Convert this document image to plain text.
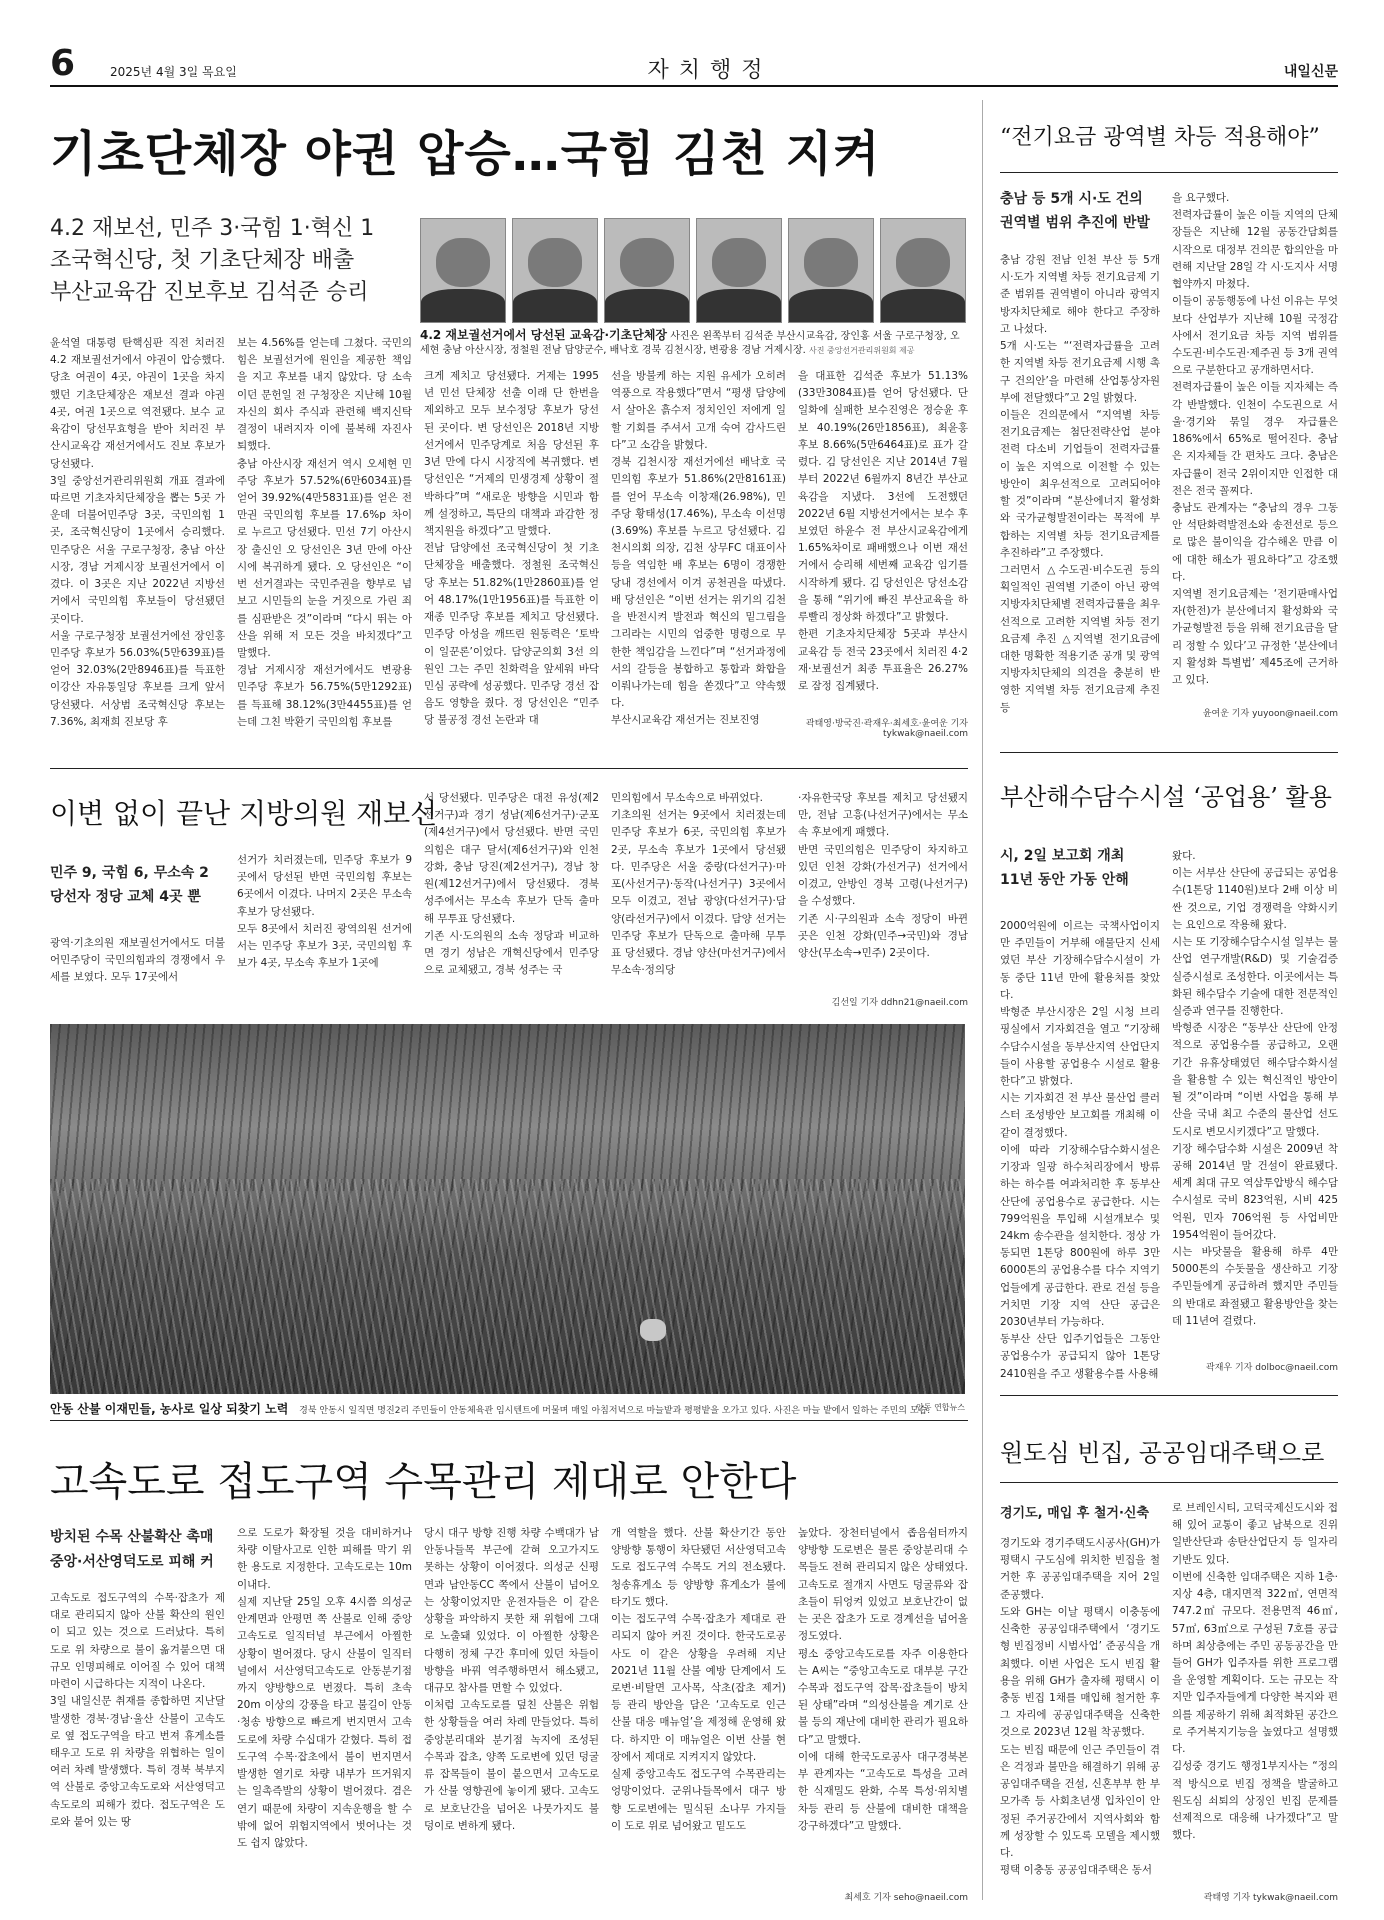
6	2025년 4월 3일 목요일	자치행정	내일신문
기초단체장 야권 압승…국힘 김천 지켜
4.2 재보선, 민주 3·국힘 1·혁신 1
조국혁신당, 첫 기초단체장 배출
부산교육감 진보후보 김석준 승리
4.2 재보궐선거에서 당선된 교육감·기초단체장 사진은 왼쪽부터 김석준 부산시교육감, 장인홍 서울 구로구청장, 오세현 충남 아산시장, 정철원 전남 담양군수, 배낙호 경북 김천시장, 변광용 경남 거제시장. 사진 중앙선거관리위원회 제공
윤석열 대통령 탄핵심판 직전 치러진 4.2 재보궐선거에서 야권이 압승했다. 당초 여권이 4곳, 야권이 1곳을 차지했던 기초단체장은 재보선 결과 야권 4곳, 여권 1곳으로 역전됐다. 보수 교육감이 당선무효형을 받아 치러진 부산시교육감 재선거에서도 진보 후보가 당선됐다.
3일 중앙선거관리위원회 개표 결과에 따르면 기초자치단체장을 뽑는 5곳 가운데 더불어민주당 3곳, 국민의힘 1곳, 조국혁신당이 1곳에서 승리했다. 민주당은 서울 구로구청장, 충남 아산시장, 경남 거제시장 보궐선거에서 이겼다. 이 3곳은 지난 2022년 지방선거에서 국민의힘 후보들이 당선됐던 곳이다.
서울 구로구청장 보궐선거에선 장인홍 민주당 후보가 56.03%(5만639표)를 얻어 32.03%(2만8946표)를 득표한 이강산 자유통일당 후보를 크게 앞서 당선됐다. 서상범 조국혁신당 후보는 7.36%, 최재희 진보당 후
보는 4.56%를 얻는데 그쳤다. 국민의힘은 보궐선거에 원인을 제공한 책임을 지고 후보를 내지 않았다. 당 소속이던 문헌일 전 구청장은 지난해 10월 자신의 회사 주식과 관련해 백지신탁 결정이 내려지자 이에 불복해 자진사퇴했다.
충남 아산시장 재선거 역시 오세현 민주당 후보가 57.52%(6만6034표)를 얻어 39.92%(4만5831표)를 얻은 전만권 국민의힘 후보를 17.6%p 차이로 누르고 당선됐다. 민선 7기 아산시장 출신인 오 당선인은 3년 만에 아산시에 복귀하게 됐다. 오 당선인은 “이번 선거결과는 국민주권을 향부로 넘보고 시민들의 눈을 거짓으로 가린 죄를 심판받은 것”이라며 “다시 뛰는 아산을 위해 저 모든 것을 바치겠다”고 말했다.
경남 거제시장 재선거에서도 변광용 민주당 후보가 56.75%(5만1292표)를 득표해 38.12%(3만4455표)를 얻는데 그친 박환기 국민의힘 후보를
크게 제치고 당선됐다. 거제는 1995년 민선 단체장 선출 이래 단 한번을 제외하고 모두 보수정당 후보가 당선된 곳이다. 변 당선인은 2018년 지방선거에서 민주당계로 처음 당선된 후 3년 만에 다시 시장직에 복귀했다. 변 당선인은 “거제의 민생경제 상황이 절박하다”며 “새로운 방향을 시민과 함께 설정하고, 특단의 대책과 과감한 정책지원을 하겠다”고 말했다.
전남 담양에선 조국혁신당이 첫 기초단체장을 배출했다. 정철원 조국혁신당 후보는 51.82%(1만2860표)를 얻어 48.17%(1만1956표)를 득표한 이재종 민주당 후보를 제치고 당선됐다. 민주당 아성을 깨뜨린 원동력은 ‘토박이 일꾼론’이었다. 담양군의회 3선 의원인 그는 주민 친화력을 앞세워 바닥 민심 공략에 성공했다. 민주당 경선 잡음도 영향을 줬다. 정 당선인은 “민주당 불공정 경선 논란과 대
선을 방불케 하는 지원 유세가 오히려 역풍으로 작용했다”면서 “평생 담양에서 살아온 흙수저 정치인인 저에게 일할 기회를 주셔서 고개 숙여 감사드린다”고 소감을 밝혔다.
경북 김천시장 재선거에선 배낙호 국민의힘 후보가 51.86%(2만8161표)를 얻어 무소속 이창재(26.98%), 민주당 황태성(17.46%), 무소속 이선명(3.69%) 후보를 누르고 당선됐다. 김천시의회 의장, 김천 상무FC 대표이사 등을 역임한 배 후보는 6명이 경쟁한 당내 경선에서 이겨 공천권을 따냈다. 배 당선인은 “이번 선거는 위기의 김천을 반전시켜 발전과 혁신의 밑그림을 그리라는 시민의 엄중한 명령으로 무한한 책임감을 느낀다”며 “선거과정에서의 갈등을 봉합하고 통합과 화합을 이뤄나가는데 힘을 쏟겠다”고 약속했다.
부산시교육감 재선거는 진보진영
을 대표한 김석준 후보가 51.13%(33만3084표)를 얻어 당선됐다. 단일화에 실패한 보수진영은 정승윤 후보 40.19%(26만1856표), 최윤홍 후보 8.66%(5만6464표)로 표가 갈렸다. 김 당선인은 지난 2014년 7월부터 2022년 6월까지 8년간 부산교육감을 지냈다. 3선에 도전했던 2022년 6월 지방선거에서는 보수 후보였던 하윤수 전 부산시교육감에게 1.65%차이로 패배했으나 이번 재선거에서 승리해 세번째 교육감 임기를 시작하게 됐다. 김 당선인은 당선소감을 통해 “위기에 빠진 부산교육을 하루빨리 정상화 하겠다”고 밝혔다.
한편 기초자치단체장 5곳과 부산시 교육감 등 전국 23곳에서 치러진 4·2 재·보궐선거 최종 투표율은 26.27%로 잠정 집계됐다.
곽태영·방국진·곽재우·최세호·윤여운 기자
tykwak@naeil.com
“전기요금 광역별 차등 적용해야”
충남 등 5개 시·도 건의
권역별 범위 추진에 반발
충남 강원 전남 인천 부산 등 5개 시·도가 지역별 차등 전기요금제 기준 범위를 권역별이 아니라 광역지방자치단체로 해야 한다고 주장하고 나섰다.
5개 시·도는 “‘전력자급률을 고려한 지역별 차등 전기요금제 시행 촉구 건의안’을 마련해 산업통상자원부에 전달했다”고 2일 밝혔다.
이들은 건의문에서 “지역별 차등 전기요금제는 첨단전략산업 분야 전력 다소비 기업들이 전력자급률이 높은 지역으로 이전할 수 있는 방안이 최우선적으로 고려되어야 할 것”이라며 “분산에너지 활성화와 국가균형발전이라는 목적에 부합하는 지역별 차등 전기요금제를 추진하라”고 주장했다.
그러면서 △수도권·비수도권 등의 획일적인 권역별 기준이 아닌 광역지방자치단체별 전력자급률을 최우선적으로 고려한 지역별 차등 전기요금제 추진 △지역별 전기요금에 대한 명확한 적용기준 공개 및 광역지방자치단체의 의견을 충분히 반영한 지역별 차등 전기요금제 추진 등
을 요구했다.
전력자급률이 높은 이들 지역의 단체장들은 지난해 12월 공동간담회를 시작으로 대정부 건의문 합의안을 마련해 지난달 28일 각 시·도지사 서명협약까지 마쳤다.
이들이 공동행동에 나선 이유는 무엇보다 산업부가 지난해 10월 국정감사에서 전기요금 차등 지역 범위를 수도권·비수도권·제주권 등 3개 권역으로 구분한다고 공개하면서다.
전력자급률이 높은 이들 지자체는 즉각 반발했다. 인천이 수도권으로 서울·경기와 묶일 경우 자급률은 186%에서 65%로 떨어진다. 충남은 지자체들 간 편차도 크다. 충남은 자급률이 전국 2위이지만 인접한 대전은 전국 꼴찌다.
충남도 관계자는 “충남의 경우 그동안 석탄화력발전소와 송전선로 등으로 많은 불이익을 감수해온 만큼 이에 대한 해소가 필요하다”고 강조했다.
지역별 전기요금제는 ‘전기판매사업자(한전)가 분산에너지 활성화와 국가균형발전 등을 위해 전기요금을 달리 정할 수 있다’고 규정한 ‘분산에너지 활성화 특별법’ 제45조에 근거하고 있다.
윤여운 기자 yuyoon@naeil.com
이변 없이 끝난 지방의원 재보선
민주 9, 국힘 6, 무소속 2
당선자 정당 교체 4곳 뿐
광역·기초의원 재보궐선거에서도 더불어민주당이 국민의힘과의 경쟁에서 우세를 보였다. 모두 17곳에서
선거가 치러졌는데, 민주당 후보가 9곳에서 당선된 반면 국민의힘 후보는 6곳에서 이겼다. 나머지 2곳은 무소속 후보가 당선됐다.
모두 8곳에서 치러진 광역의원 선거에서는 민주당 후보가 3곳, 국민의힘 후보가 4곳, 무소속 후보가 1곳에
서 당선됐다. 민주당은 대전 유성(제2선거구)과 경기 성남(제6선거구)·군포(제4선거구)에서 당선됐다. 반면 국민의힘은 대구 달서(제6선거구)와 인천 강화, 충남 당진(제2선거구), 경남 창원(제12선거구)에서 당선됐다. 경북 성주에서는 무소속 후보가 단독 출마해 무투표 당선됐다.
기존 시·도의원의 소속 정당과 비교하면 경기 성남은 개혁신당에서 민주당으로 교체됐고, 경북 성주는 국
민의힘에서 무소속으로 바뀌었다.
기초의원 선거는 9곳에서 치러졌는데 민주당 후보가 6곳, 국민의힘 후보가 2곳, 무소속 후보가 1곳에서 당선됐다. 민주당은 서울 중랑(다선거구)·마포(사선거구)·동작(나선거구) 3곳에서 모두 이겼고, 전남 광양(다선거구)·담양(라선거구)에서 이겼다. 담양 선거는 민주당 후보가 단독으로 출마해 무투표 당선됐다. 경남 양산(마선거구)에서 무소속·정의당
·자유한국당 후보를 제치고 당선됐지만, 전남 고흥(나선거구)에서는 무소속 후보에게 패했다.
반면 국민의힘은 민주당이 차지하고 있던 인천 강화(가선거구) 선거에서 이겼고, 안방인 경북 고령(나선거구)을 수성했다.
기존 시·구의원과 소속 정당이 바뀐 곳은 인천 강화(민주→국민)와 경남 양산(무소속→민주) 2곳이다.
김선일 기자 ddhn21@naeil.com
부산해수담수시설 ‘공업용’ 활용
시, 2일 보고회 개최
11년 동안 가동 안해
2000억원에 이르는 국책사업이지만 주민들이 거부해 애물단지 신세였던 부산 기장해수담수시설이 가동 중단 11년 만에 활용처를 찾았다.
박형준 부산시장은 2일 시청 브리핑실에서 기자회견을 열고 “기장해수담수시설을 동부산지역 산업단지들이 사용할 공업용수 시설로 활용한다”고 밝혔다.
시는 기자회견 전 부산 물산업 클러스터 조성방안 보고회를 개최해 이 같이 결정했다.
이에 따라 기장해수담수화시설은 기장과 일광 하수처리장에서 방류하는 하수를 여과처리한 후 동부산 산단에 공업용수로 공급한다. 시는 799억원을 투입해 시설개보수 및 24km 송수관을 설치한다. 정상 가동되면 1톤당 800원에 하루 3만6000톤의 공업용수를 다수 지역기업들에게 공급한다. 관로 건설 등을 거치면 기장 지역 산단 공급은 2030년부터 가능하다.
동부산 산단 입주기업들은 그동안 공업용수가 공급되지 않아 1톤당 2410원을 주고 생활용수를 사용해
왔다.
이는 서부산 산단에 공급되는 공업용수(1톤당 1140원)보다 2배 이상 비싼 것으로, 기업 경쟁력을 약화시키는 요인으로 작용해 왔다.
시는 또 기장해수담수시설 일부는 물산업 연구개발(R&D) 및 기술검증 실증시설로 조성한다. 이곳에서는 특화된 해수담수 기술에 대한 전문적인 실증과 연구를 진행한다.
박형준 시장은 “동부산 산단에 안정적으로 공업용수를 공급하고, 오랜 기간 유휴상태였던 해수담수화시설을 활용할 수 있는 혁신적인 방안이 될 것”이라며 “이번 사업을 통해 부산을 국내 최고 수준의 물산업 선도도시로 변모시키겠다”고 말했다.
기장 해수담수화 시설은 2009년 착공해 2014년 말 건설이 완료됐다. 세계 최대 규모 역삼투압방식 해수담수시설로 국비 823억원, 시비 425억원, 민자 706억원 등 사업비만 1954억원이 들어갔다.
시는 바닷물을 활용해 하루 4만5000톤의 수돗물을 생산하고 기장 주민들에게 공급하려 했지만 주민들의 반대로 좌절됐고 활용방안을 찾는데 11년여 걸렸다.
곽재우 기자 dolboc@naeil.com
안동 산불 이재민들, 농사로 일상 되찾기 노력 경북 안동시 일직면 명진2리 주민들이 안동체육관 임시텐트에 머물며 매일 아침저녁으로 마늘밭과 평평밭을 오가고 있다. 사진은 마늘 밭에서 일하는 주민의 모습.
안동 연합뉴스
고속도로 접도구역 수목관리 제대로 안한다
방치된 수목 산불확산 촉매
중앙·서산영덕도로 피해 커
고속도로 접도구역의 수목·잡초가 제대로 관리되지 않아 산불 확산의 원인이 되고 있는 것으로 드러났다. 특히 도로 위 차량으로 불이 옮겨붙으면 대규모 인명피해로 이어질 수 있어 대책마련이 시급하다는 지적이 나온다.
3일 내일신문 취재를 종합하면 지난달 발생한 경북·경남·울산 산불이 고속도로 옆 접도구역을 타고 번져 휴게소를 태우고 도로 위 차량을 위협하는 일이 여러 차례 발생했다. 특히 경북 북부지역 산불로 중앙고속도로와 서산영덕고속도로의 피해가 컸다. 접도구역은 도로와 붙어 있는 땅
으로 도로가 확장될 것을 대비하거나 차량 이탈사고로 인한 피해를 막기 위한 용도로 지정한다. 고속도로는 10m 이내다.
실제 지난달 25일 오후 4시쯤 의성군 안계면과 안평면 쪽 산불로 인해 중앙고속도로 일직터널 부근에서 아찔한 상황이 벌어졌다. 당시 산불이 일직터널에서 서산영덕고속도로 안동분기점까지 양방향으로 번졌다. 특히 초속 20m 이상의 강풍을 타고 불길이 안동·청송 방향으로 빠르게 번지면서 고속도로에 차량 수십대가 갇혔다. 특히 접도구역 수목·잡초에서 불이 번지면서 발생한 열기로 차량 내부가 뜨거워지는 일촉즉발의 상황이 벌어졌다. 겸은 연기 때문에 차량이 지속운행을 할 수밖에 없어 위험지역에서 벗어나는 것도 쉽지 않았다.
당시 대구 방향 진행 차량 수백대가 남안동나들목 부근에 갇혀 오고가지도 못하는 상황이 이어졌다. 의성군 신평면과 남안동CC 쪽에서 산불이 넘어오는 상황이었지만 운전자들은 이 같은 상황을 파악하지 못한 채 위험에 그대로 노출돼 있었다. 이 아찔한 상황은 다행히 정체 구간 후미에 있던 차들이 방향을 바꿔 역주행하면서 해소됐고, 대규모 참사를 면할 수 있었다.
이처럼 고속도로를 덮친 산불은 위험한 상황들을 여러 차례 만들었다. 특히 중앙분리대와 분기점 녹지에 조성된 수목과 잡초, 양쪽 도로변에 있던 덩굴류 잡목들이 불이 붙으면서 고속도로가 산불 영향권에 놓이게 됐다. 고속도로 보호난간을 넘어온 나뭇가지도 불덩이로 변하게 됐다.
개 역할을 했다. 산불 확산기간 동안 양방향 통행이 차단됐던 서산영덕고속도로 접도구역 수목도 거의 전소됐다. 청송휴게소 등 양방향 휴게소가 불에 타기도 했다.
이는 접도구역 수목·잡초가 제대로 관리되지 않아 커진 것이다. 한국도로공사도 이 같은 상황을 우려해 지난 2021년 11월 산불 예방 단계에서 도로변·비탈면 고사목, 삭초(잡초 제거) 등 관리 방안을 담은 ‘고속도로 인근 산불 대응 매뉴얼’을 제정해 운영해 왔다. 하지만 이 매뉴얼은 이번 산불 현장에서 제대로 지켜지지 않았다.
실제 중앙고속도 접도구역 수목관리는 엉망이었다. 군위나들목에서 대구 방향 도로변에는 밀식된 소나무 가지들이 도로 위로 넘어왔고 밑도도
높았다. 장천터널에서 좁음쉼터까지 양방향 도로변은 물론 중앙분리대 수목들도 전혀 관리되지 않은 상태였다. 고속도로 절개지 사면도 덩굴류와 잡초들이 뒤엉켜 있었고 보호난간이 없는 곳은 잡초가 도로 경계선을 넘어올 정도였다.
평소 중앙고속도로를 자주 이용한다는 A씨는 “중앙고속도로 대부분 구간 수목과 접도구역 잡목·잡초들이 방치된 상태”라며 “의성산불을 계기로 산불 등의 재난에 대비한 관리가 필요하다”고 말했다.
이에 대해 한국도로공사 대구경북본부 관계자는 “고속도로 특성을 고려한 식재밀도 완화, 수목 특성·위치별 차등 관리 등 산불에 대비한 대책을 강구하겠다”고 말했다.
최세호 기자 seho@naeil.com
원도심 빈집, 공공임대주택으로
경기도, 매입 후 철거·신축
경기도와 경기주택도시공사(GH)가 평택시 구도심에 위치한 빈집을 철거한 후 공공임대주택을 지어 2일 준공했다.
도와 GH는 이날 평택시 이충동에 신축한 공공임대주택에서 ‘경기도형 빈집정비 시범사업’ 준공식을 개최했다. 이번 사업은 도시 빈집 활용을 위해 GH가 출자해 평택시 이충동 빈집 1채를 매입해 철거한 후 그 자리에 공공임대주택을 신축한 것으로 2023년 12월 착공했다.
도는 빈집 때문에 인근 주민들이 겪은 걱정과 불만을 해결하기 위해 공공임대주택을 건설, 신혼부부 한 부모가족 등 사회초년생 입차인이 안정된 주거공간에서 지역사회와 함께 성장할 수 있도록 모델을 제시했다.
평택 이충동 공공임대주택은 동서
로 브레인시티, 고덕국제신도시와 접해 있어 교통이 좋고 남북으로 진위일반산단과 송탄산업단지 등 일자리 기반도 있다.
이번에 신축한 임대주택은 지하 1층·지상 4층, 대지면적 322㎡, 연면적 747.2㎡ 규모다. 전용면적 46㎡, 57㎡, 63㎡으로 구성된 7호를 공급하며 최상층에는 주민 공동공간을 만들어 GH가 입주자를 위한 프로그램을 운영할 계획이다. 도는 규모는 작지만 입주자들에게 다양한 복지와 편의를 제공하기 위해 최적화된 공간으로 주거복지기능을 높였다고 설명했다.
김성중 경기도 행정1부지사는 “정의적 방식으로 빈집 정책을 발굴하고 원도심 쇠퇴의 상징인 빈집 문제를 선제적으로 대응해 나가겠다”고 말했다.
곽태영 기자 tykwak@naeil.com
